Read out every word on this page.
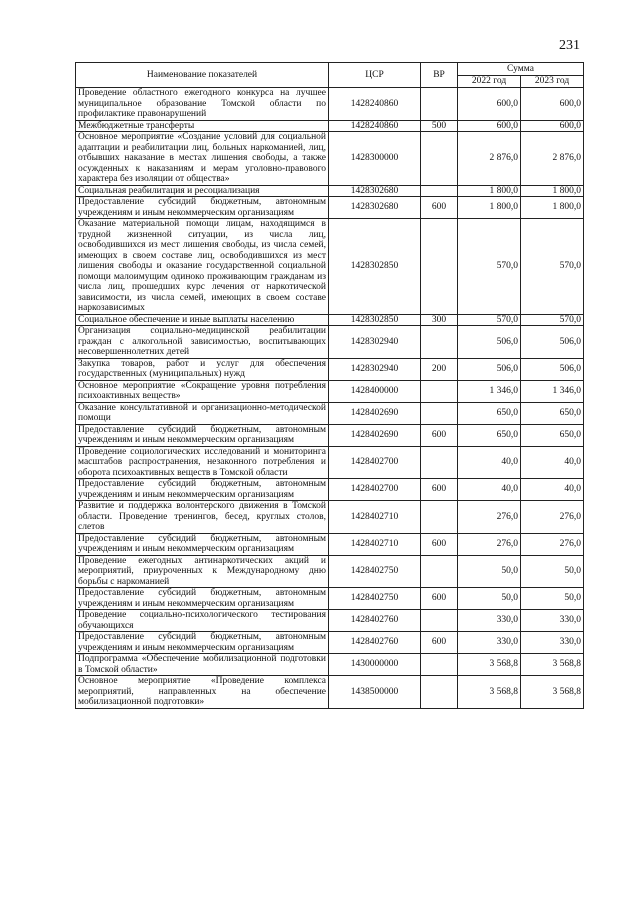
231
Наименование показателей	ЦСР	ВР	Сумма	
			2022 год	2023 год
Проведение областного ежегодного конкурса на лучшее муниципальное образование Томской области по профилактике правонарушений	1428240860		600,0	600,0
Межбюджетные трансферты	1428240860	500	600,0	600,0
Основное мероприятие «Создание условий для социальной адаптации и реабилитации лиц, больных наркоманией, лиц, отбывших наказание в местах лишения свободы, а также осужденных к наказаниям и мерам уголовно-правового характера без изоляции от общества»	1428300000		2 876,0	2 876,0
Социальная реабилитация и ресоциализация	1428302680		1 800,0	1 800,0
Предоставление субсидий бюджетным, автономным учреждениям и иным некоммерческим организациям	1428302680	600	1 800,0	1 800,0
Оказание материальной помощи лицам, находящимся в трудной жизненной ситуации, из числа лиц, освободившихся из мест лишения свободы, из числа семей, имеющих в своем составе лиц, освободившихся из мест лишения свободы и оказание государственной социальной помощи малоимущим одиноко проживающим гражданам из числа лиц, прошедших курс лечения от наркотической зависимости, из числа семей, имеющих в своем составе наркозависимых	1428302850		570,0	570,0
Социальное обеспечение и иные выплаты населению	1428302850	300	570,0	570,0
Организация социально-медицинской реабилитации граждан с алкогольной зависимостью, воспитывающих несовершеннолетних детей	1428302940		506,0	506,0
Закупка товаров, работ и услуг для обеспечения государственных (муниципальных) нужд	1428302940	200	506,0	506,0
Основное мероприятие «Сокращение уровня потребления психоактивных веществ»	1428400000		1 346,0	1 346,0
Оказание консультативной и организационно-методической помощи	1428402690		650,0	650,0
Предоставление субсидий бюджетным, автономным учреждениям и иным некоммерческим организациям	1428402690	600	650,0	650,0
Проведение социологических исследований и мониторинга масштабов распространения, незаконного потребления и оборота психоактивных веществ в Томской области	1428402700		40,0	40,0
Предоставление субсидий бюджетным, автономным учреждениям и иным некоммерческим организациям	1428402700	600	40,0	40,0
Развитие и поддержка волонтерского движения в Томской области. Проведение тренингов, бесед, круглых столов, слетов	1428402710		276,0	276,0
Предоставление субсидий бюджетным, автономным учреждениям и иным некоммерческим организациям	1428402710	600	276,0	276,0
Проведение ежегодных антинаркотических акций и мероприятий, приуроченных к Международному дню борьбы с наркоманией	1428402750		50,0	50,0
Предоставление субсидий бюджетным, автономным учреждениям и иным некоммерческим организациям	1428402750	600	50,0	50,0
Проведение социально-психологического тестирования обучающихся	1428402760		330,0	330,0
Предоставление субсидий бюджетным, автономным учреждениям и иным некоммерческим организациям	1428402760	600	330,0	330,0
Подпрограмма «Обеспечение мобилизационной подготовки в Томской области»	1430000000		3 568,8	3 568,8
Основное мероприятие «Проведение комплекса мероприятий, направленных на обеспечение мобилизационной подготовки»	1438500000		3 568,8	3 568,8
